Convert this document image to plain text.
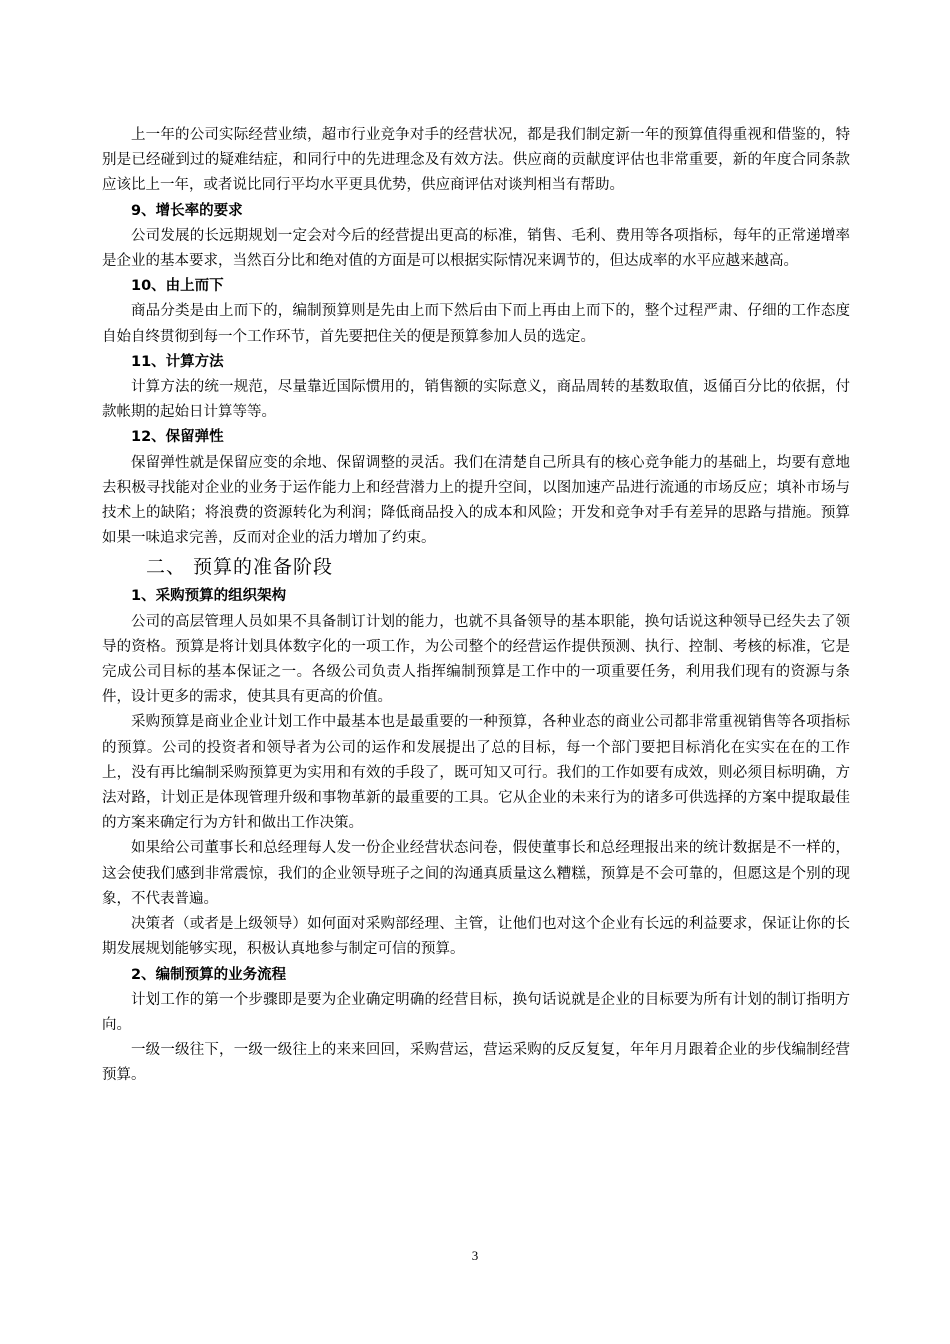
上一年的公司实际经营业绩，超市行业竞争对手的经营状况，都是我们制定新一年的预算值得重视和借鉴的，特别是已经碰到过的疑难结症，和同行中的先进理念及有效方法。供应商的贡献度评估也非常重要，新的年度合同条款应该比上一年，或者说比同行平均水平更具优势，供应商评估对谈判相当有帮助。

9、增长率的要求

公司发展的长远期规划一定会对今后的经营提出更高的标准，销售、毛利、费用等各项指标，每年的正常递增率是企业的基本要求，当然百分比和绝对值的方面是可以根据实际情况来调节的，但达成率的水平应越来越高。

10、由上而下

商品分类是由上而下的，编制预算则是先由上而下然后由下而上再由上而下的，整个过程严肃、仔细的工作态度自始自终贯彻到每一个工作环节，首先要把住关的便是预算参加人员的选定。

11、计算方法

计算方法的统一规范，尽量靠近国际惯用的，销售额的实际意义，商品周转的基数取值，返俑百分比的依据，付款帐期的起始日计算等等。

12、保留弹性

保留弹性就是保留应变的余地、保留调整的灵活。我们在清楚自己所具有的核心竞争能力的基础上，均要有意地去积极寻找能对企业的业务于运作能力上和经营潜力上的提升空间，以图加速产品进行流通的市场反应；填补市场与技术上的缺陷；将浪费的资源转化为利润；降低商品投入的成本和风险；开发和竞争对手有差异的思路与措施。预算如果一味追求完善，反而对企业的活力增加了约束。

二、 预算的准备阶段

1、采购预算的组织架构

公司的高层管理人员如果不具备制订计划的能力，也就不具备领导的基本职能，换句话说这种领导已经失去了领导的资格。预算是将计划具体数字化的一项工作，为公司整个的经营运作提供预测、执行、控制、考核的标准，它是完成公司目标的基本保证之一。各级公司负责人指挥编制预算是工作中的一项重要任务，利用我们现有的资源与条件，设计更多的需求，使其具有更高的价值。

采购预算是商业企业计划工作中最基本也是最重要的一种预算，各种业态的商业公司都非常重视销售等各项指标的预算。公司的投资者和领导者为公司的运作和发展提出了总的目标，每一个部门要把目标消化在实实在在的工作上，没有再比编制采购预算更为实用和有效的手段了，既可知又可行。我们的工作如要有成效，则必须目标明确，方法对路，计划正是体现管理升级和事物革新的最重要的工具。它从企业的未来行为的诸多可供选择的方案中提取最佳的方案来确定行为方针和做出工作决策。

如果给公司董事长和总经理每人发一份企业经营状态问卷，假使董事长和总经理报出来的统计数据是不一样的，这会使我们感到非常震惊，我们的企业领导班子之间的沟通真质量这么糟糕，预算是不会可靠的，但愿这是个别的现象，不代表普遍。

决策者（或者是上级领导）如何面对采购部经理、主管，让他们也对这个企业有长远的利益要求，保证让你的长期发展规划能够实现，积极认真地参与制定可信的预算。

2、编制预算的业务流程

计划工作的第一个步骤即是要为企业确定明确的经营目标，换句话说就是企业的目标要为所有计划的制订指明方向。

一级一级往下，一级一级往上的来来回回，采购营运，营运采购的反反复复，年年月月跟着企业的步伐编制经营预算。

3
